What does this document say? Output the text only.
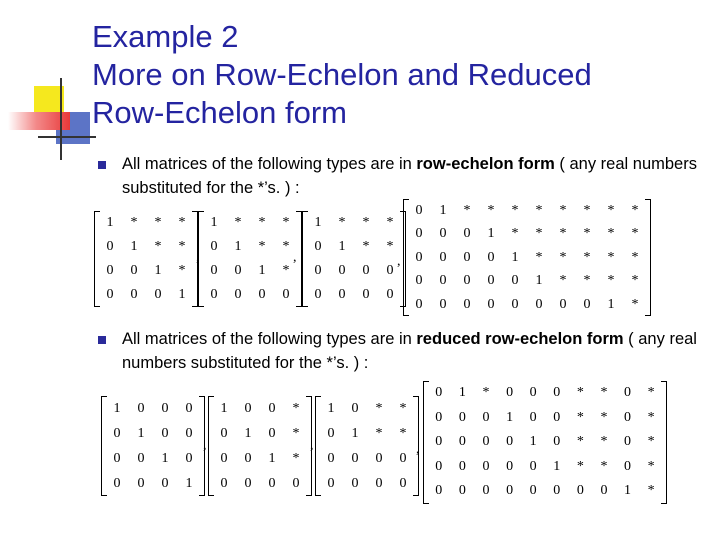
Example 2
More on Row-Echelon and Reduced
Row-Echelon form
All matrices of the following types are in row-echelon form ( any real numbers substituted for the *’s. ) :
All matrices of the following types are in reduced row-echelon form ( any real numbers substituted for the *’s. ) :
1	*	*	*
0	1	*	*
0	0	1	*
0	0	0	1
,
1	*	*	*
0	1	*	*
0	0	1	*
0	0	0	0
,
1	*	*	*
0	1	*	*
0	0	0	0
0	0	0	0
,
0	1	*	*	*	*	*	*	*	*
0	0	0	1	*	*	*	*	*	*
0	0	0	0	1	*	*	*	*	*
0	0	0	0	0	1	*	*	*	*
0	0	0	0	0	0	0	0	1	*
1	0	0	0
0	1	0	0
0	0	1	0
0	0	0	1
,
1	0	0	*
0	1	0	*
0	0	1	*
0	0	0	0
,
1	0	*	*
0	1	*	*
0	0	0	0
0	0	0	0
,
0	1	*	0	0	0	*	*	0	*
0	0	0	1	0	0	*	*	0	*
0	0	0	0	1	0	*	*	0	*
0	0	0	0	0	1	*	*	0	*
0	0	0	0	0	0	0	0	1	*
